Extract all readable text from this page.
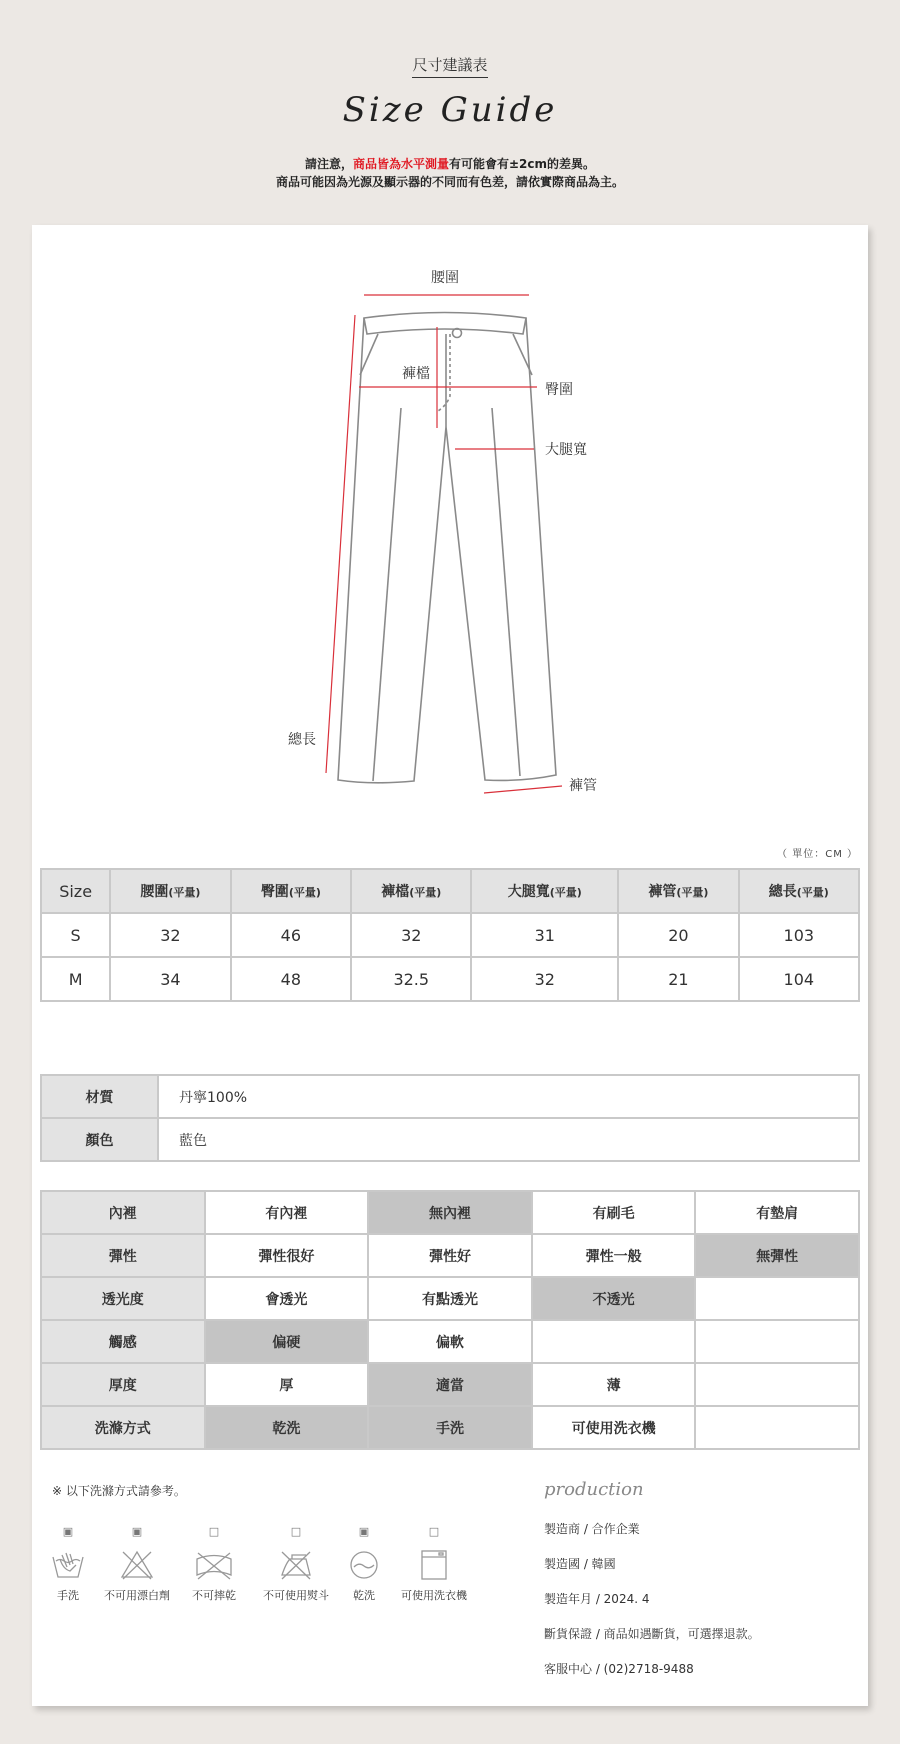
尺寸建議表
Size Guide
請注意，商品皆為水平測量有可能會有±2cm的差異。
商品可能因為光源及顯示器的不同而有色差，請依實際商品為主。
腰圍
褲檔
臀圍
大腿寬
總長
褲管
（ 單位：CM ）
Size	腰圍(平量)	臀圍(平量)	褲檔(平量)	大腿寬(平量)	褲管(平量)	總長(平量)
S	32	46	32	31	20	103
M	34	48	32.5	32	21	104
材質	丹寧100%
顏色	藍色
內裡	有內裡	無內裡	有刷毛	有墊肩
彈性	彈性很好	彈性好	彈性一般	無彈性
透光度	會透光	有點透光	不透光	
觸感	偏硬	偏軟		
厚度	厚	適當	薄	
洗滌方式	乾洗	手洗	可使用洗衣機	
※ 以下洗滌方式請參考。
▣
手洗
▣
不可用漂白劑
□
不可摔乾
□
不可使用熨斗
▣
乾洗
□
可使用洗衣機
production
製造商 / 合作企業
製造國 / 韓國
製造年月 / 2024. 4
斷貨保證 / 商品如遇斷貨，可選擇退款。
客服中心 / (02)2718-9488
